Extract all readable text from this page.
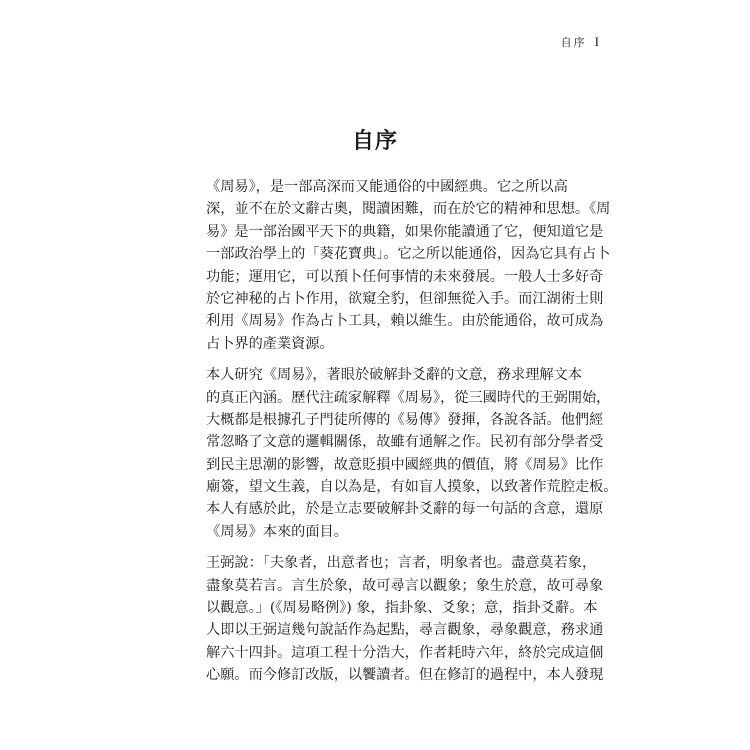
自序 I
自序

《周易》，是一部高深而又能通俗的中國經典。它之所以高
深，並不在於文辭古奧，閱讀困難，而在於它的精神和思想。《周
易》是一部治國平天下的典籍，如果你能讀通了它，便知道它是
一部政治學上的「葵花寶典」。它之所以能通俗，因為它具有占卜
功能；運用它，可以預卜任何事情的未來發展。一般人士多好奇
於它神秘的占卜作用，欲窺全豹，但卻無從入手。而江湖術士則
利用《周易》作為占卜工具，賴以維生。由於能通俗，故可成為
占卜界的產業資源。

本人研究《周易》，著眼於破解卦爻辭的文意，務求理解文本
的真正內涵。歷代注疏家解釋《周易》，從三國時代的王弼開始，
大概都是根據孔子門徒所傳的《易傳》發揮，各說各話。他們經
常忽略了文意的邏輯關係，故雖有通解之作。民初有部分學者受
到民主思潮的影響，故意貶損中國經典的價值，將《周易》比作
廟簽，望文生義，自以為是，有如盲人摸象，以致著作荒腔走板。
本人有感於此，於是立志要破解卦爻辭的每一句話的含意，還原
《周易》本來的面目。

王弼說：「夫象者，出意者也；言者，明象者也。盡意莫若象，
盡象莫若言。言生於象，故可尋言以觀象；象生於意，故可尋象
以觀意。」(《周易略例》) 象，指卦象、爻象；意，指卦爻辭。本
人即以王弼這幾句說話作為起點，尋言觀象，尋象觀意，務求通
解六十四卦。這項工程十分浩大，作者耗時六年，終於完成這個
心願。而今修訂改版，以饗讀者。但在修訂的過程中，本人發現
